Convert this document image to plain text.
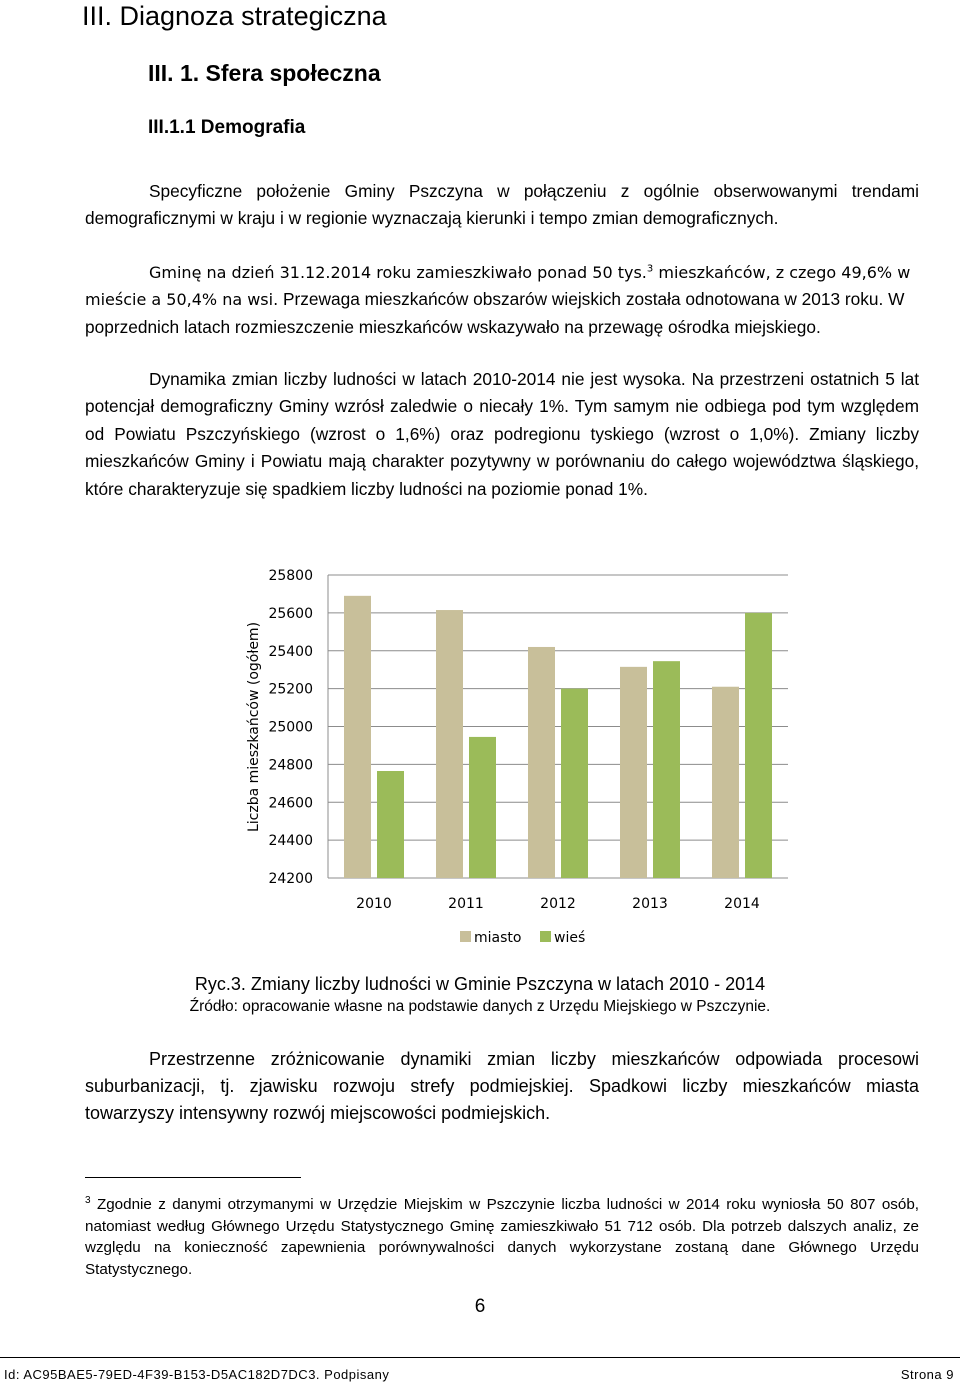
III. Diagnoza strategiczna
III. 1. Sfera społeczna
III.1.1 Demografia
Specyficzne położenie Gminy Pszczyna w połączeniu z ogólnie obserwowanymi trendami demograficznymi w kraju i w regionie wyznaczają kierunki i tempo zmian demograficznych.
Gminę na dzień 31.12.2014 roku zamieszkiwało ponad 50 tys.$^3$ mieszkańców, z czego 49,6% w mieście a 50,4% na wsi. Przewaga mieszkańców obszarów wiejskich została odnotowana w 2013 roku. W poprzednich latach rozmieszczenie mieszkańców wskazywało na przewagę ośrodka miejskiego.
Dynamika zmian liczby ludności w latach 2010-2014 nie jest wysoka. Na przestrzeni ostatnich 5 lat potencjał demograficzny Gminy wzrósł zaledwie o niecały 1%. Tym samym nie odbiega pod tym względem od Powiatu Pszczyńskiego (wzrost o 1,6%) oraz podregionu tyskiego (wzrost o 1,0%). Zmiany liczby mieszkańców Gminy i Powiatu mają charakter pozytywny w porównaniu do całego województwa śląskiego, które charakteryzuje się spadkiem liczby ludności na poziomie ponad 1%.
25800
25600
25400
25200
25000
24800
24600
24400
24200
Liczba mieszkańców (ogółem)
2010	2011	2012	2013	2014
miasto wieś
Ryc.3. Zmiany liczby ludności w Gminie Pszczyna w latach 2010 - 2014
Źródło: opracowanie własne na podstawie danych z Urzędu Miejskiego w Pszczynie.
Przestrzenne zróżnicowanie dynamiki zmian liczby mieszkańców odpowiada procesowi suburbanizacji, tj. zjawisku rozwoju strefy podmiejskiej. Spadkowi liczby mieszkańców miasta towarzyszy intensywny rozwój miejscowości podmiejskich.
$^3$ Zgodnie z danymi otrzymanymi w Urzędzie Miejskim w Pszczynie liczba ludności w 2014 roku wyniosła 50 807 osób, natomiast według Głównego Urzędu Statystycznego Gminę zamieszkiwało 51 712 osób. Dla potrzeb dalszych analiz, ze względu na konieczność zapewnienia porównywalności danych wykorzystane zostaną dane Głównego Urzędu Statystycznego.
6
Id: AC95BAE5-79ED-4F39-B153-D5AC182D7DC3. Podpisany	Strona 9
